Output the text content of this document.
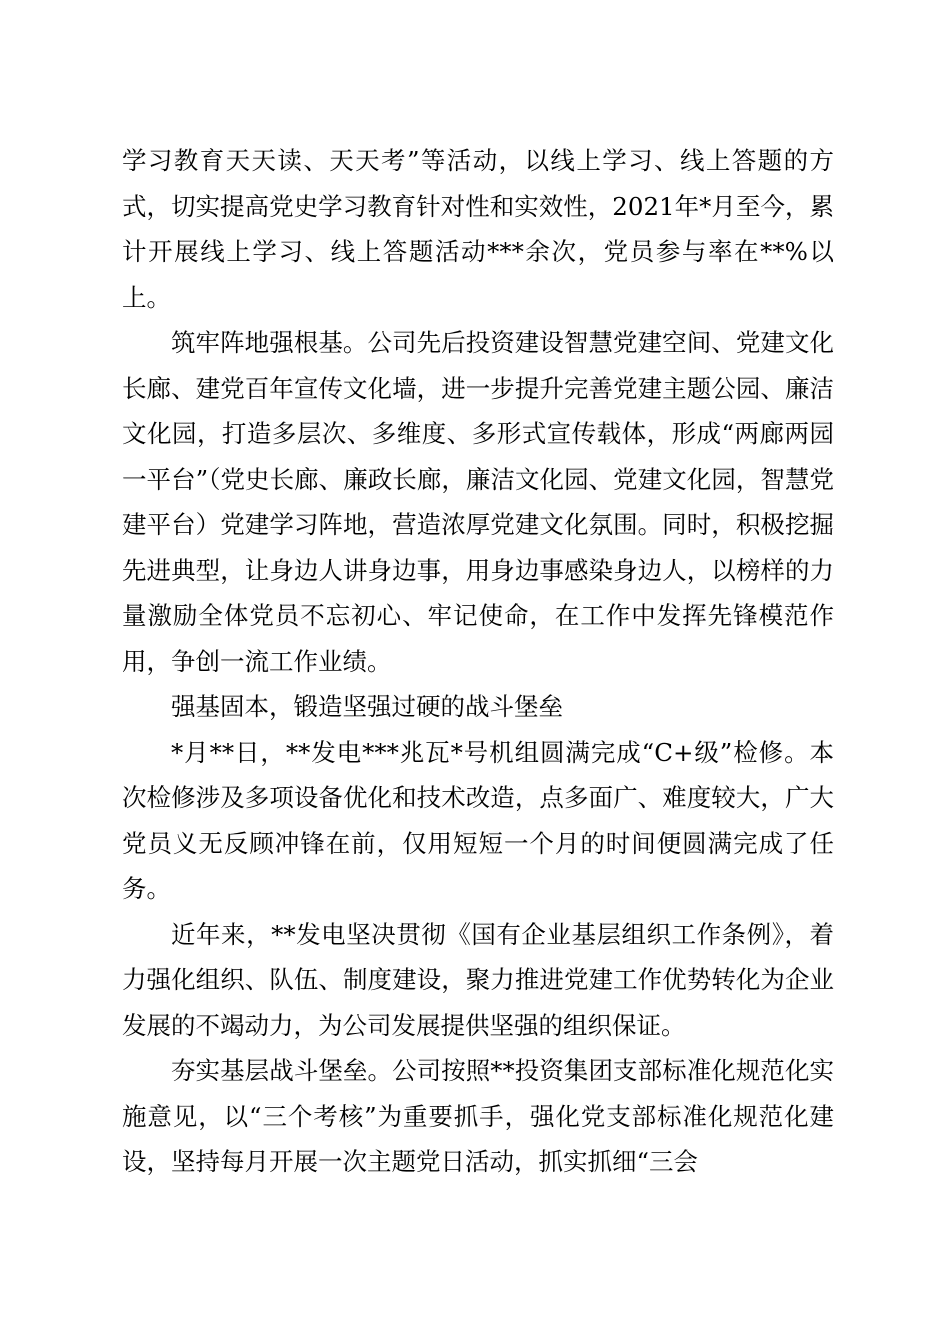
学习教育天天读、天天考”等活动，以线上学习、线上答题的方式，切实提高党史学习教育针对性和实效性，2021年*月至今，累计开展线上学习、线上答题活动***余次，党员参与率在**%以上。

筑牢阵地强根基。公司先后投资建设智慧党建空间、党建文化长廊、建党百年宣传文化墙，进一步提升完善党建主题公园、廉洁文化园，打造多层次、多维度、多形式宣传载体，形成“两廊两园一平台”（党史长廊、廉政长廊，廉洁文化园、党建文化园，智慧党建平台）党建学习阵地，营造浓厚党建文化氛围。同时，积极挖掘先进典型，让身边人讲身边事，用身边事感染身边人，以榜样的力量激励全体党员不忘初心、牢记使命，在工作中发挥先锋模范作用，争创一流工作业绩。

强基固本，锻造坚强过硬的战斗堡垒

*月**日，**发电***兆瓦*号机组圆满完成“C+级”检修。本次检修涉及多项设备优化和技术改造，点多面广、难度较大，广大党员义无反顾冲锋在前，仅用短短一个月的时间便圆满完成了任务。

近年来，**发电坚决贯彻《国有企业基层组织工作条例》，着力强化组织、队伍、制度建设，聚力推进党建工作优势转化为企业发展的不竭动力，为公司发展提供坚强的组织保证。

夯实基层战斗堡垒。公司按照**投资集团支部标准化规范化实施意见，以“三个考核”为重要抓手，强化党支部标准化规范化建设，坚持每月开展一次主题党日活动，抓实抓细“三会
